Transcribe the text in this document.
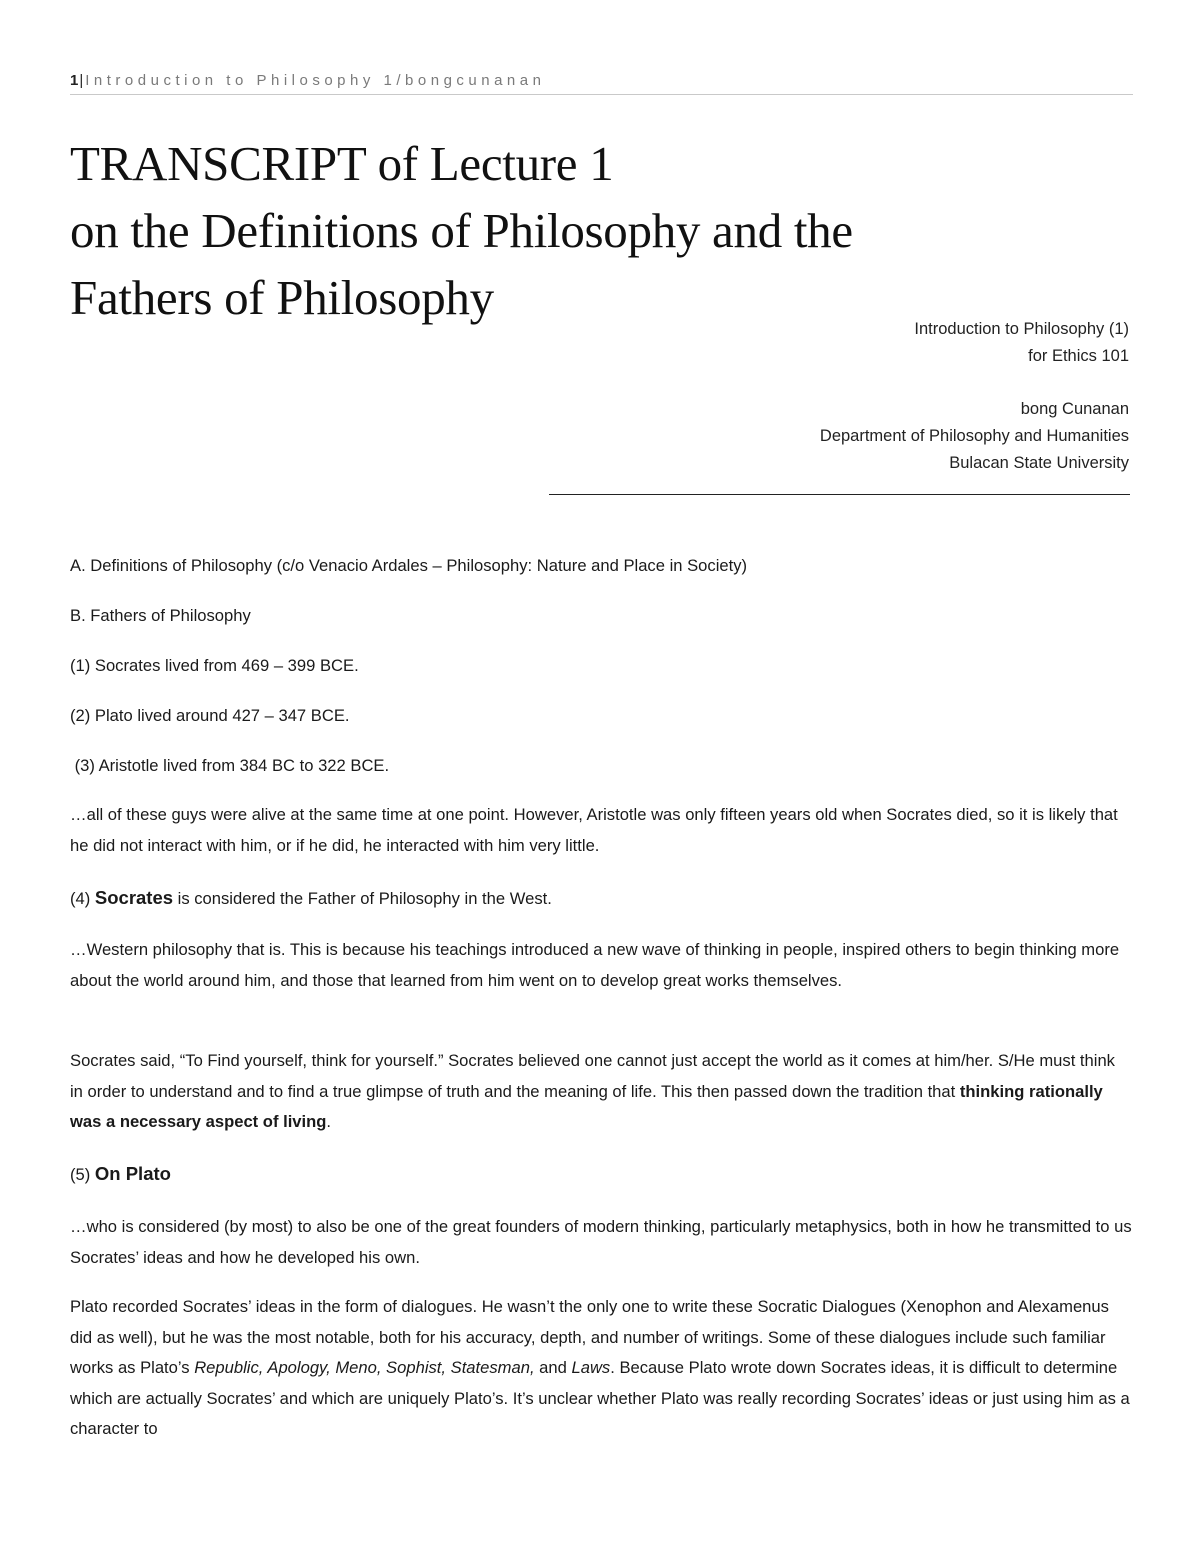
1|Introduction to Philosophy 1/bongcunanan
TRANSCRIPT of Lecture 1
on the Definitions of Philosophy and the
Fathers of Philosophy
Introduction to Philosophy (1)
for Ethics 101
bong Cunanan
Department of Philosophy and Humanities
Bulacan State University

A. Definitions of Philosophy (c/o Venacio Ardales – Philosophy: Nature and Place in Society)

B. Fathers of Philosophy

(1) Socrates lived from 469 – 399 BCE.

(2) Plato lived around 427 – 347 BCE.

(3) Aristotle lived from 384 BC to 322 BCE.

…all of these guys were alive at the same time at one point. However, Aristotle was only fifteen years old when Socrates died, so it is likely that he did not interact with him, or if he did, he interacted with him very little.

(4) Socrates is considered the Father of Philosophy in the West.

…Western philosophy that is. This is because his teachings introduced a new wave of thinking in people, inspired others to begin thinking more about the world around him, and those that learned from him went on to develop great works themselves.

Socrates said, “To Find yourself, think for yourself.” Socrates believed one cannot just accept the world as it comes at him/her. S/He must think in order to understand and to find a true glimpse of truth and the meaning of life. This then passed down the tradition that thinking rationally was a necessary aspect of living.

(5) On Plato

…who is considered (by most) to also be one of the great founders of modern thinking, particularly metaphysics, both in how he transmitted to us Socrates’ ideas and how he developed his own.

Plato recorded Socrates’ ideas in the form of dialogues. He wasn’t the only one to write these Socratic Dialogues (Xenophon and Alexamenus did as well), but he was the most notable, both for his accuracy, depth, and number of writings. Some of these dialogues include such familiar works as Plato’s Republic, Apology, Meno, Sophist, Statesman, and Laws. Because Plato wrote down Socrates ideas, it is difficult to determine which are actually Socrates’ and which are uniquely Plato’s. It’s unclear whether Plato was really recording Socrates’ ideas or just using him as a character to
